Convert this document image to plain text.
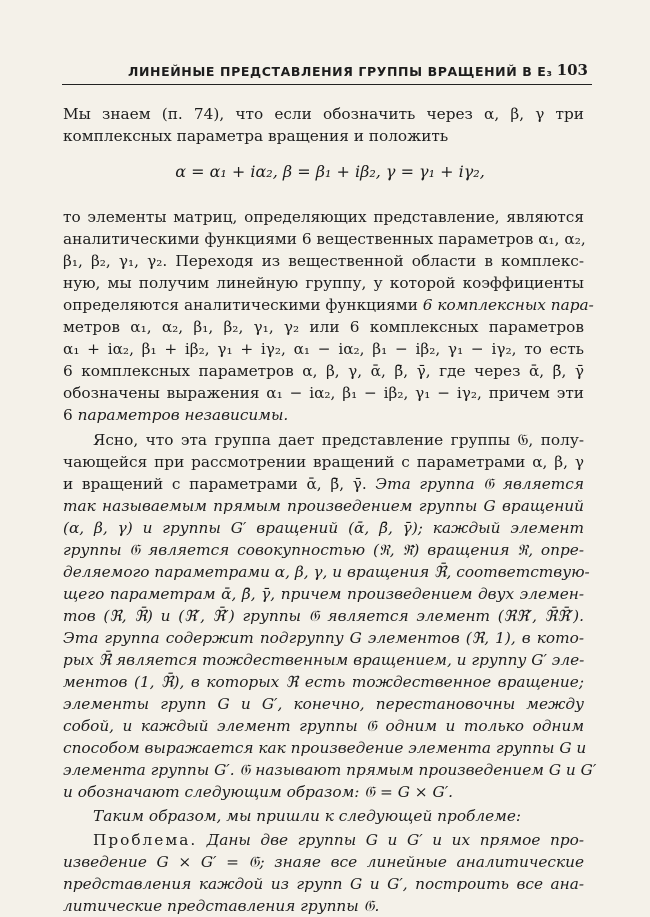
ЛИНЕЙНЫЕ ПРЕДСТАВЛЕНИЯ ГРУППЫ ВРАЩЕНИЙ В E₃ 103
Мы знаем (п. 74), что если обозначить через α, β, γ три
комплексных параметра вращения и положить
α = α₁ + iα₂, β = β₁ + iβ₂, γ = γ₁ + iγ₂,
то элементы матриц, определяющих представление, являются
аналитическими функциями 6 вещественных параметров α₁, α₂,
β₁, β₂, γ₁, γ₂. Переходя из вещественной области в комплекс-
ную, мы получим линейную группу, у которой коэффициенты
определяются аналитическими функциями 6 комплексных пара-
метров α₁, α₂, β₁, β₂, γ₁, γ₂ или 6 комплексных параметров
α₁ + iα₂, β₁ + iβ₂, γ₁ + iγ₂, α₁ − iα₂, β₁ − iβ₂, γ₁ − iγ₂, то есть
6 комплексных параметров α, β, γ, ᾱ, β̄, γ̄, где через ᾱ, β̄, γ̄
обозначены выражения α₁ − iα₂, β₁ − iβ₂, γ₁ − iγ₂, причем эти
6 параметров независимы.
Ясно, что эта группа дает представление группы 𝔊, полу-
чающейся при рассмотрении вращений с параметрами α, β, γ
и вращений с параметрами ᾱ, β̄, γ̄. Эта группа 𝔊 является
так называемым прямым произведением группы G вращений
(α, β, γ) и группы G′ вращений (ᾱ, β̄, γ̄); каждый элемент
группы 𝔊 является совокупностью (ℜ, ℜ̄) вращения ℜ, опре-
деляемого параметрами α, β, γ, и вращения ℜ̄, соответствую-
щего параметрам ᾱ, β̄, γ̄, причем произведением двух элемен-
тов (ℜ, ℜ̄) и (ℜ′, ℜ̄′) группы 𝔊 является элемент (ℜℜ′, ℜ̄ℜ̄′).
Эта группа содержит подгруппу G элементов (ℜ, 1), в кото-
рых ℜ̄ является тождественным вращением, и группу G′ эле-
ментов (1, ℜ̄), в которых ℜ есть тождественное вращение;
элементы групп G и G′, конечно, перестановочны между
собой, и каждый элемент группы 𝔊 одним и только одним
способом выражается как произведение элемента группы G и
элемента группы G′. 𝔊 называют прямым произведением G и G′
и обозначают следующим образом: 𝔊 = G × G′.
Таким образом, мы пришли к следующей проблеме:
Проблема. Даны две группы G и G′ и их прямое про-
изведение G × G′ = 𝔊; знаяе все линейные аналитические
представления каждой из групп G и G′, построить все ана-
литические представления группы 𝔊.
